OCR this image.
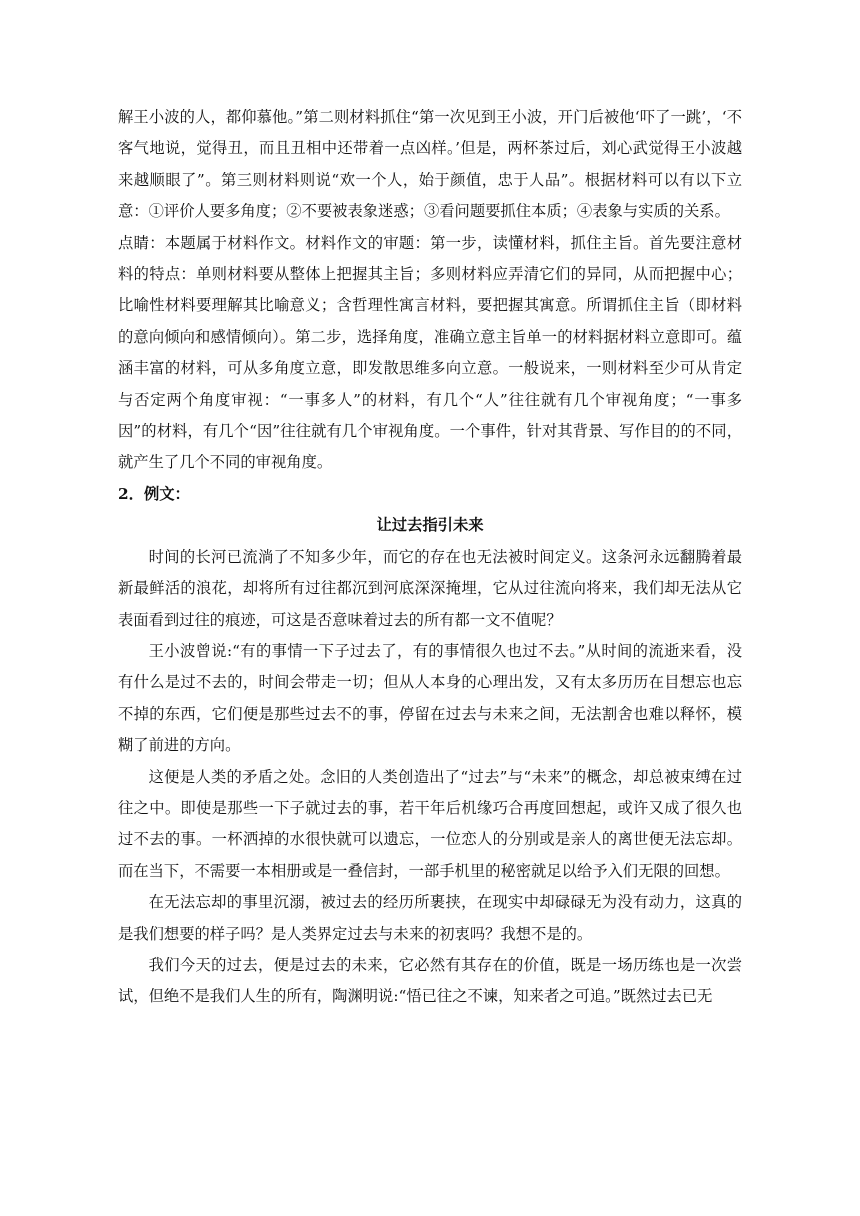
解王小波的人，都仰慕他。”第二则材料抓住“第一次见到王小波，开门后被他‘吓了一跳’，‘不客气地说，觉得丑，而且丑相中还带着一点凶样。’但是，两杯茶过后，刘心武觉得王小波越来越顺眼了”。第三则材料则说“欢一个人，始于颜值，忠于人品”。根据材料可以有以下立意：①评价人要多角度；②不要被表象迷惑；③看问题要抓住本质；④表象与实质的关系。

点睛：本题属于材料作文。材料作文的审题：第一步，读懂材料，抓住主旨。首先要注意材料的特点：单则材料要从整体上把握其主旨；多则材料应弄清它们的异同，从而把握中心；比喻性材料要理解其比喻意义；含哲理性寓言材料，要把握其寓意。所谓抓住主旨（即材料的意向倾向和感情倾向）。第二步，选择角度，准确立意主旨单一的材料据材料立意即可。蕴涵丰富的材料，可从多角度立意，即发散思维多向立意。一般说来，一则材料至少可从肯定与否定两个角度审视：“一事多人”的材料，有几个“人”往往就有几个审视角度；“一事多因”的材料，有几个“因”往往就有几个审视角度。一个事件，针对其背景、写作目的的不同，就产生了几个不同的审视角度。

2．例文：

让过去指引未来

时间的长河已流淌了不知多少年，而它的存在也无法被时间定义。这条河永远翻腾着最新最鲜活的浪花，却将所有过往都沉到河底深深掩埋，它从过往流向将来，我们却无法从它表面看到过往的痕迹，可这是否意味着过去的所有都一文不值呢？

王小波曾说:“有的事情一下子过去了，有的事情很久也过不去。”从时间的流逝来看，没有什么是过不去的，时间会带走一切；但从人本身的心理出发，又有太多历历在目想忘也忘不掉的东西，它们便是那些过去不的事，停留在过去与未来之间，无法割舍也难以释怀，模糊了前进的方向。

这便是人类的矛盾之处。念旧的人类创造出了“过去”与“未来”的概念，却总被束缚在过往之中。即使是那些一下子就过去的事，若干年后机缘巧合再度回想起，或许又成了很久也过不去的事。一杯洒掉的水很快就可以遗忘，一位恋人的分别或是亲人的离世便无法忘却。而在当下，不需要一本相册或是一叠信封，一部手机里的秘密就足以给予入们无限的回想。

在无法忘却的事里沉溺，被过去的经历所裹挟，在现实中却碌碌无为没有动力，这真的是我们想要的样子吗？是人类界定过去与未来的初衷吗？我想不是的。

我们今天的过去，便是过去的未来，它必然有其存在的价值，既是一场历练也是一次尝试，但绝不是我们人生的所有，陶渊明说:“悟已往之不谏，知来者之可追。”既然过去已无
